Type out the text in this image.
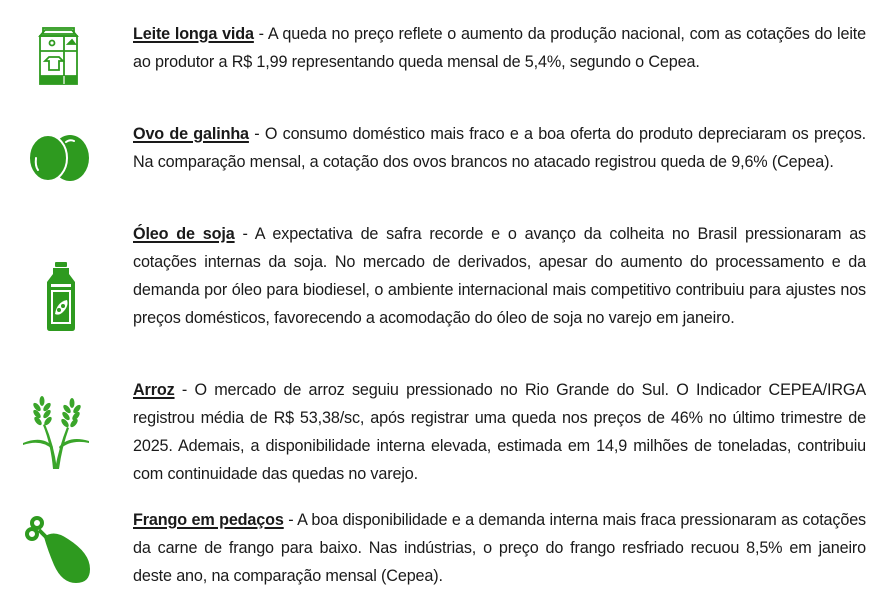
Leite longa vida - A queda no preço reflete o aumento da produção nacional, com as cotações do leite ao produtor a R$ 1,99 representando queda mensal de 5,4%, segundo o Cepea.
Ovo de galinha - O consumo doméstico mais fraco e a boa oferta do produto depreciaram os preços. Na comparação mensal, a cotação dos ovos brancos no atacado registrou queda de 9,6% (Cepea).
Óleo de soja - A expectativa de safra recorde e o avanço da colheita no Brasil pressionaram as cotações internas da soja. No mercado de derivados, apesar do aumento do processamento e da demanda por óleo para biodiesel, o ambiente internacional mais competitivo contribuiu para ajustes nos preços domésticos, favorecendo a acomodação do óleo de soja no varejo em janeiro.
Arroz - O mercado de arroz seguiu pressionado no Rio Grande do Sul. O Indicador CEPEA/IRGA registrou média de R$ 53,38/sc, após registrar uma queda nos preços de 46% no último trimestre de 2025. Ademais, a disponibilidade interna elevada, estimada em 14,9 milhões de toneladas, contribuiu com continuidade das quedas no varejo.
Frango em pedaços - A boa disponibilidade e a demanda interna mais fraca pressionaram as cotações da carne de frango para baixo. Nas indústrias, o preço do frango resfriado recuou 8,5% em janeiro deste ano, na comparação mensal (Cepea).
